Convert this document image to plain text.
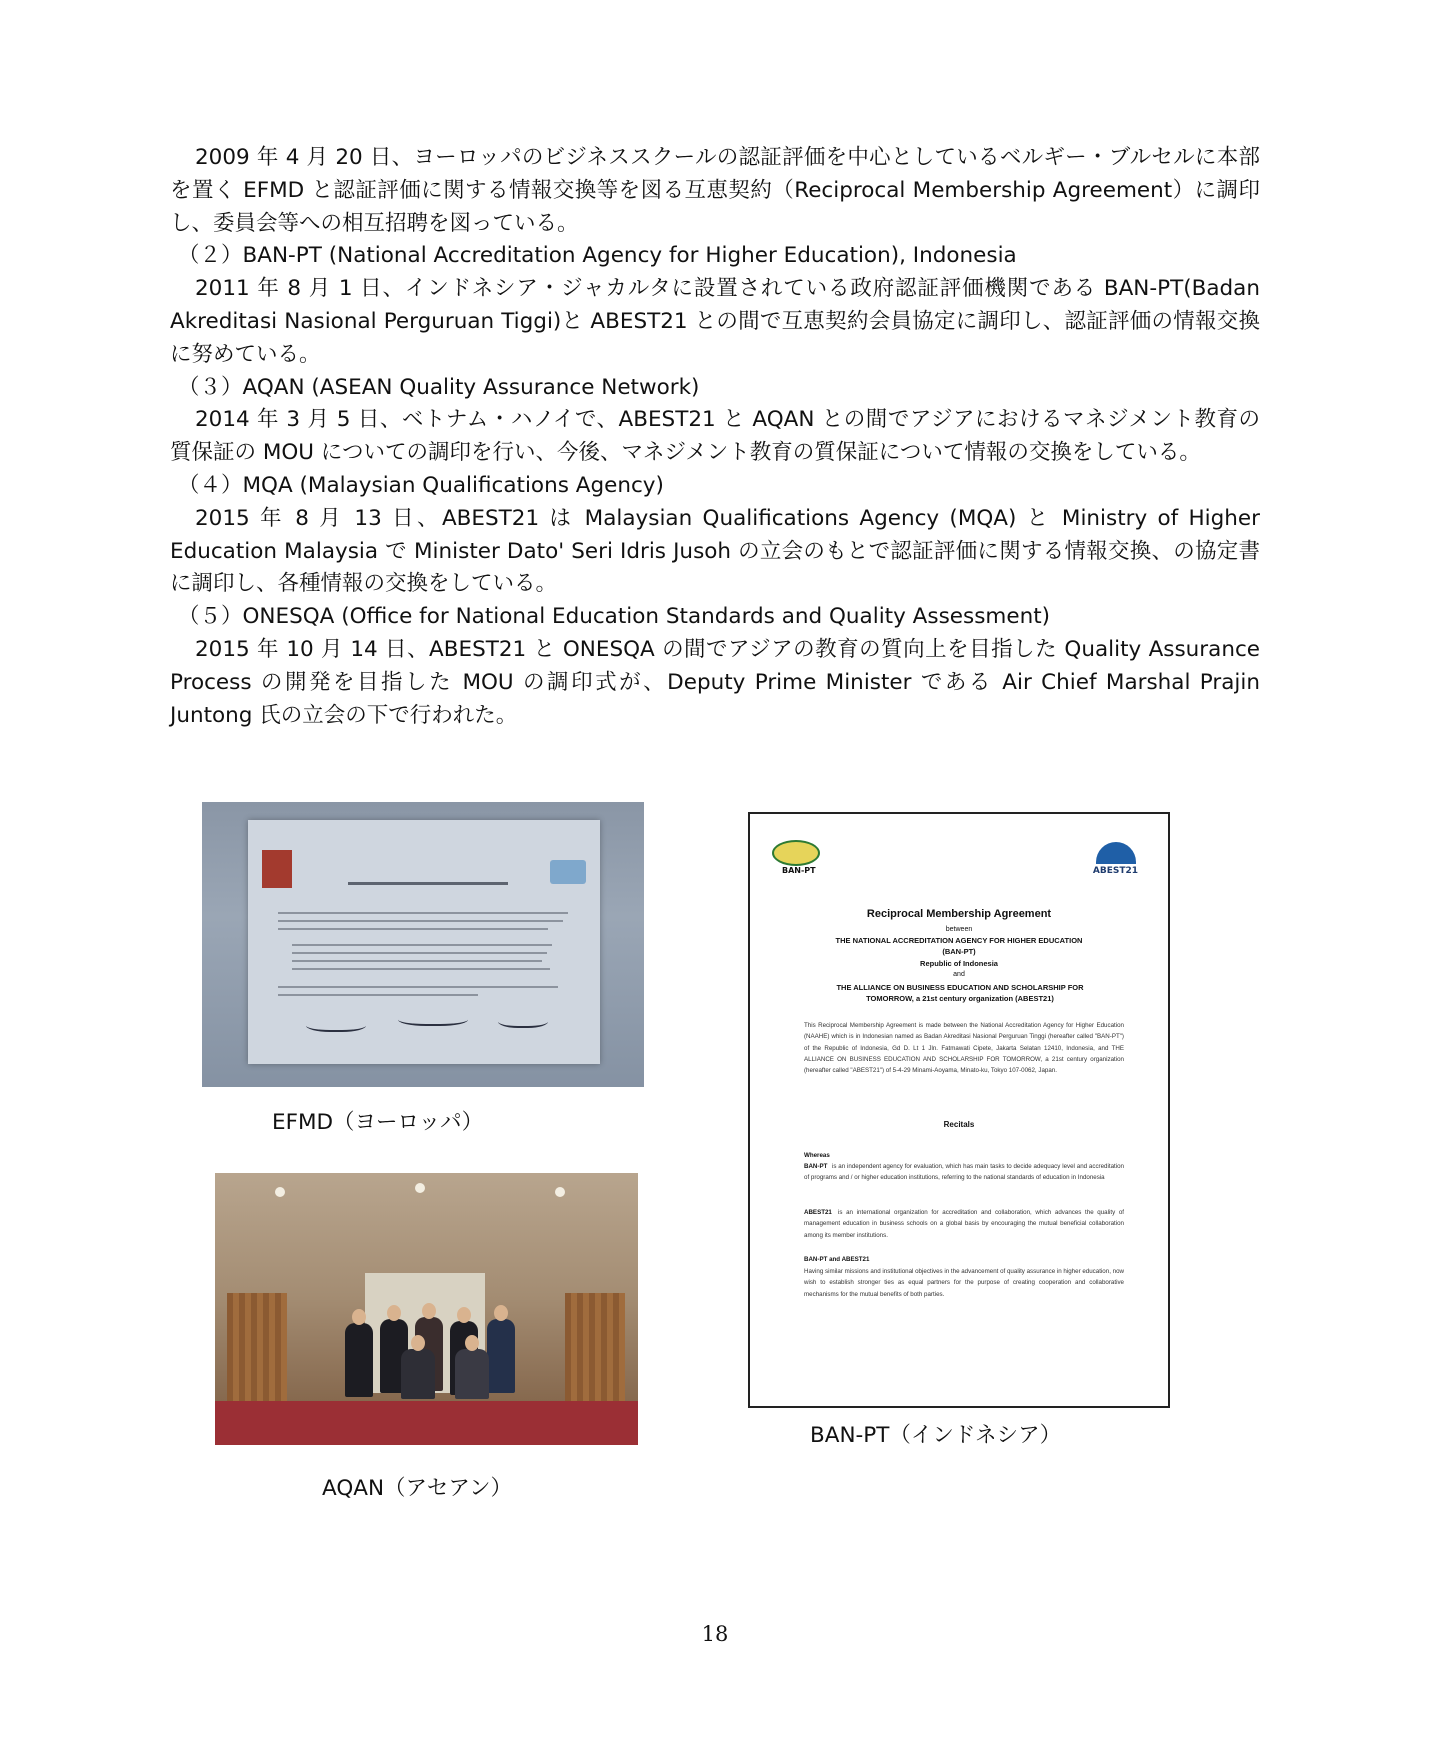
2009 年 4 月 20 日、ヨーロッパのビジネススクールの認証評価を中心としているベルギー・ブルセルに本部を置く EFMD と認証評価に関する情報交換等を図る互恵契約（Reciprocal Membership Agreement）に調印し、委員会等への相互招聘を図っている。

（２）BAN-PT (National Accreditation Agency for Higher Education), Indonesia

2011 年 8 月 1 日、インドネシア・ジャカルタに設置されている政府認証評価機関である BAN-PT(Badan Akreditasi Nasional Perguruan Tiggi)と ABEST21 との間で互恵契約会員協定に調印し、認証評価の情報交換に努めている。

（３）AQAN (ASEAN Quality Assurance Network)

2014 年 3 月 5 日、ベトナム・ハノイで、ABEST21 と AQAN との間でアジアにおけるマネジメント教育の質保証の MOU についての調印を行い、今後、マネジメント教育の質保証について情報の交換をしている。

（４）MQA (Malaysian Qualifications Agency)

2015 年 8 月 13 日、ABEST21 は Malaysian Qualifications Agency (MQA) と Ministry of Higher Education Malaysia で Minister Dato' Seri Idris Jusoh の立会のもとで認証評価に関する情報交換、の協定書に調印し、各種情報の交換をしている。

（５）ONESQA (Office for National Education Standards and Quality Assessment)

2015 年 10 月 14 日、ABEST21 と ONESQA の間でアジアの教育の質向上を目指した Quality Assurance Process の開発を目指した MOU の調印式が、Deputy Prime Minister である Air Chief Marshal Prajin Juntong 氏の立会の下で行われた。

EFMD（ヨーロッパ）
AQAN（アセアン）
BAN-PT	ABEST21
Reciprocal Membership Agreement
between
THE NATIONAL ACCREDITATION AGENCY FOR HIGHER EDUCATION
(BAN-PT)
Republic of Indonesia
and
THE ALLIANCE ON BUSINESS EDUCATION AND SCHOLARSHIP FOR TOMORROW, a 21st century organization (ABEST21)
This Reciprocal Membership Agreement is made between the National Accreditation Agency for Higher Education (NAAHE) which is in Indonesian named as Badan Akreditasi Nasional Perguruan Tinggi (hereafter called "BAN-PT") of the Republic of Indonesia, Gd D. Lt 1 Jln. Fatmawati Cipete, Jakarta Selatan 12410, Indonesia, and THE ALLIANCE ON BUSINESS EDUCATION AND SCHOLARSHIP FOR TOMORROW, a 21st century organization (hereafter called "ABEST21") of 5-4-29 Minami-Aoyama, Minato-ku, Tokyo 107-0062, Japan.
Recitals
Whereas
BAN-PT is an independent agency for evaluation, which has main tasks to decide adequacy level and accreditation of programs and / or higher education institutions, referring to the national standards of education in Indonesia
ABEST21 is an international organization for accreditation and collaboration, which advances the quality of management education in business schools on a global basis by encouraging the mutual beneficial collaboration among its member institutions.
BAN-PT and ABEST21
Having similar missions and institutional objectives in the advancement of quality assurance in higher education, now wish to establish stronger ties as equal partners for the purpose of creating cooperation and collaborative mechanisms for the mutual benefits of both parties.
BAN-PT（インドネシア）
18
